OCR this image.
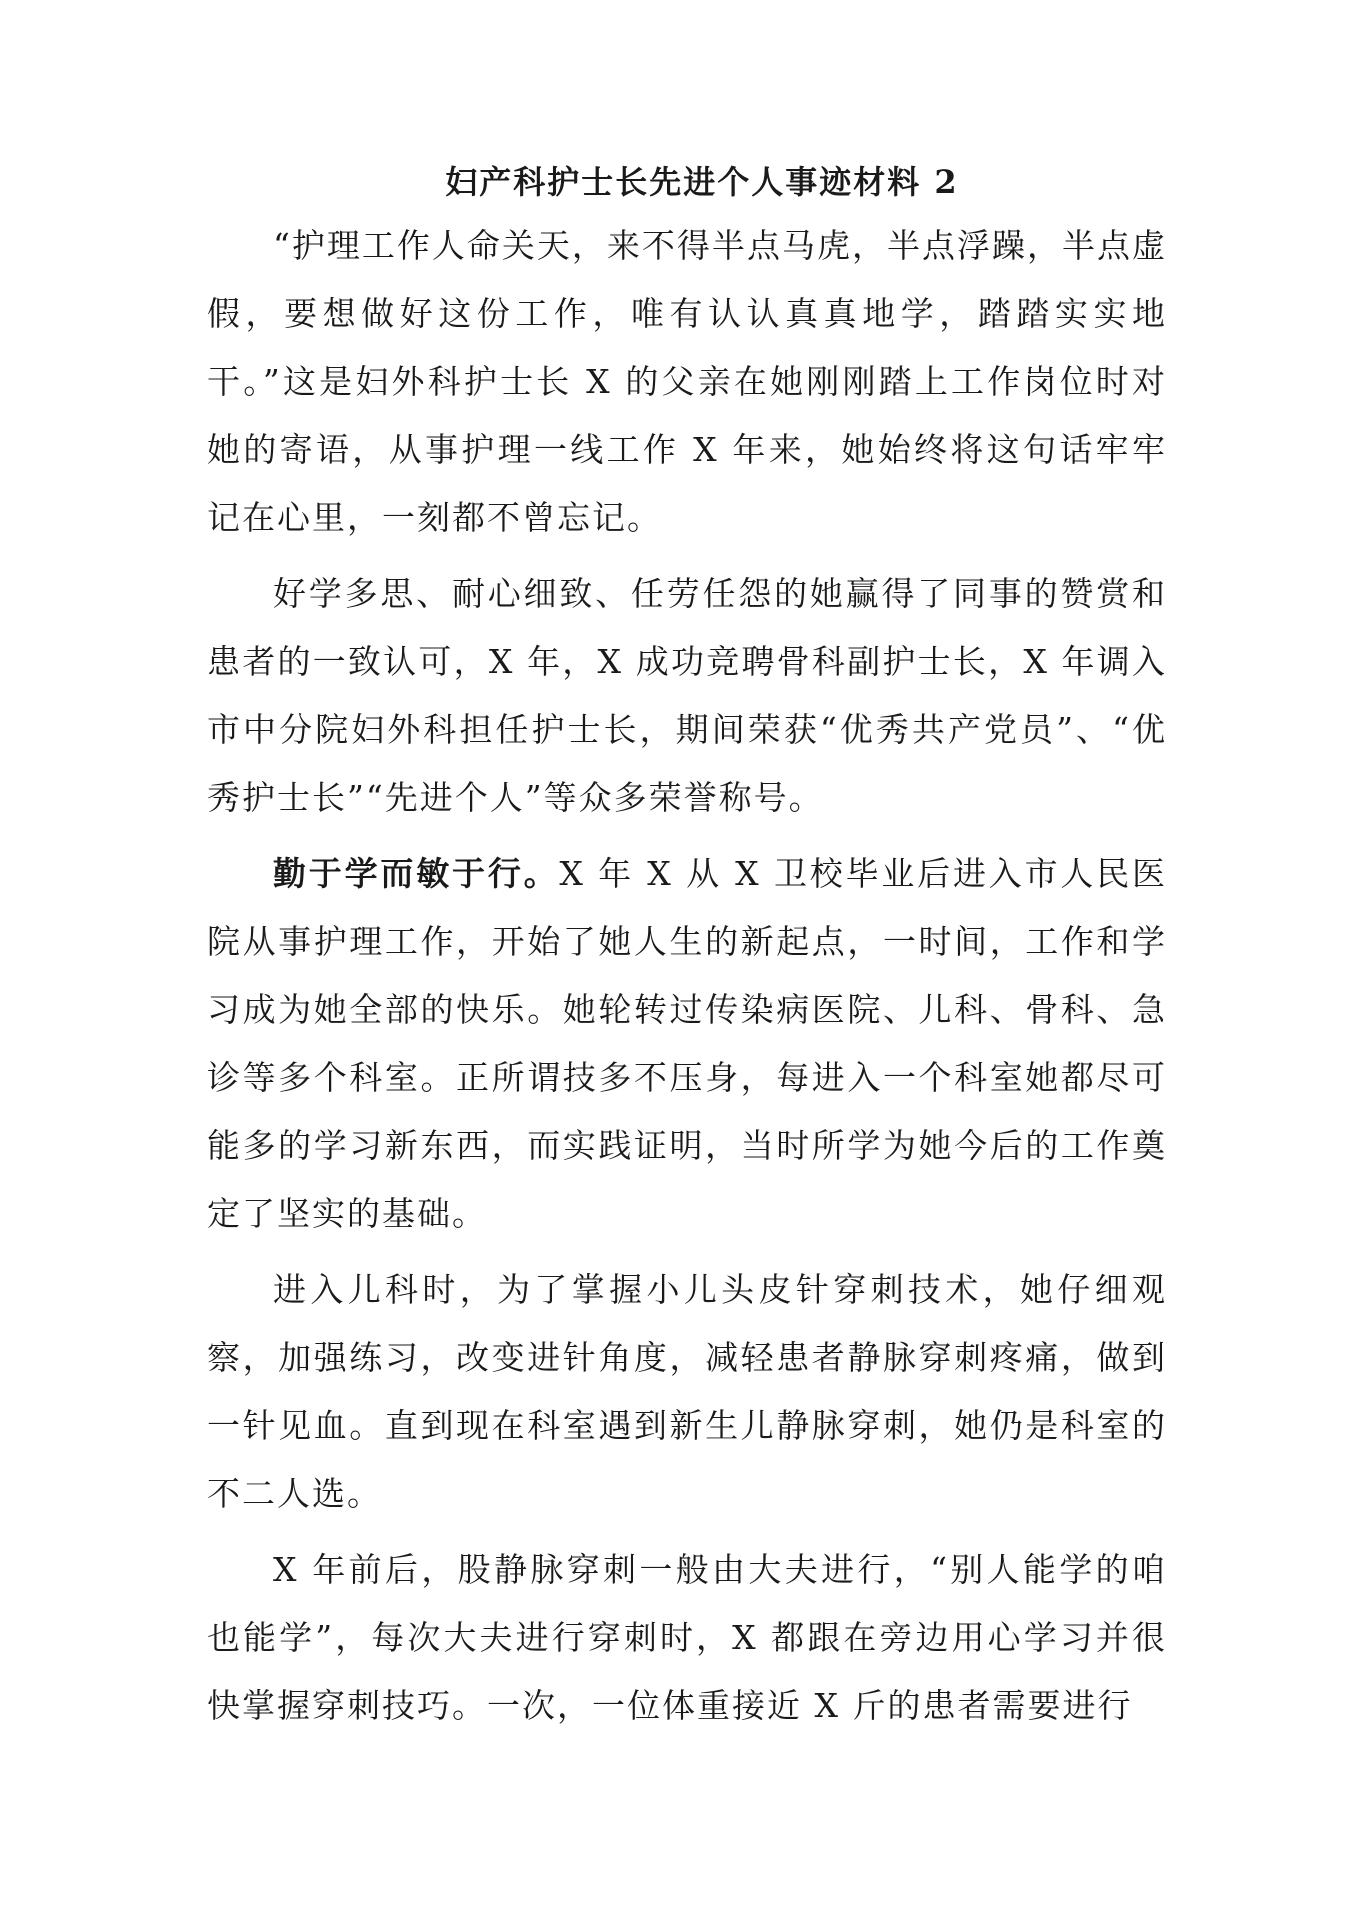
妇产科护士长先进个人事迹材料 2

“护理工作人命关天，来不得半点马虎，半点浮躁，半点虚假，要想做好这份工作，唯有认认真真地学，踏踏实实地干。”这是妇外科护士长 X 的父亲在她刚刚踏上工作岗位时对她的寄语，从事护理一线工作 X 年来，她始终将这句话牢牢记在心里，一刻都不曾忘记。

好学多思、耐心细致、任劳任怨的她赢得了同事的赞赏和患者的一致认可，X 年，X 成功竞聘骨科副护士长，X 年调入市中分院妇外科担任护士长，期间荣获“优秀共产党员”、“优秀护士长”“先进个人”等众多荣誉称号。

勤于学而敏于行。X 年 X 从 X 卫校毕业后进入市人民医院从事护理工作，开始了她人生的新起点，一时间，工作和学习成为她全部的快乐。她轮转过传染病医院、儿科、骨科、急诊等多个科室。正所谓技多不压身，每进入一个科室她都尽可能多的学习新东西，而实践证明，当时所学为她今后的工作奠定了坚实的基础。

进入儿科时，为了掌握小儿头皮针穿刺技术，她仔细观察，加强练习，改变进针角度，减轻患者静脉穿刺疼痛，做到一针见血。直到现在科室遇到新生儿静脉穿刺，她仍是科室的不二人选。

X 年前后，股静脉穿刺一般由大夫进行，“别人能学的咱也能学”，每次大夫进行穿刺时，X 都跟在旁边用心学习并很快掌握穿刺技巧。一次，一位体重接近 X 斤的患者需要进行
